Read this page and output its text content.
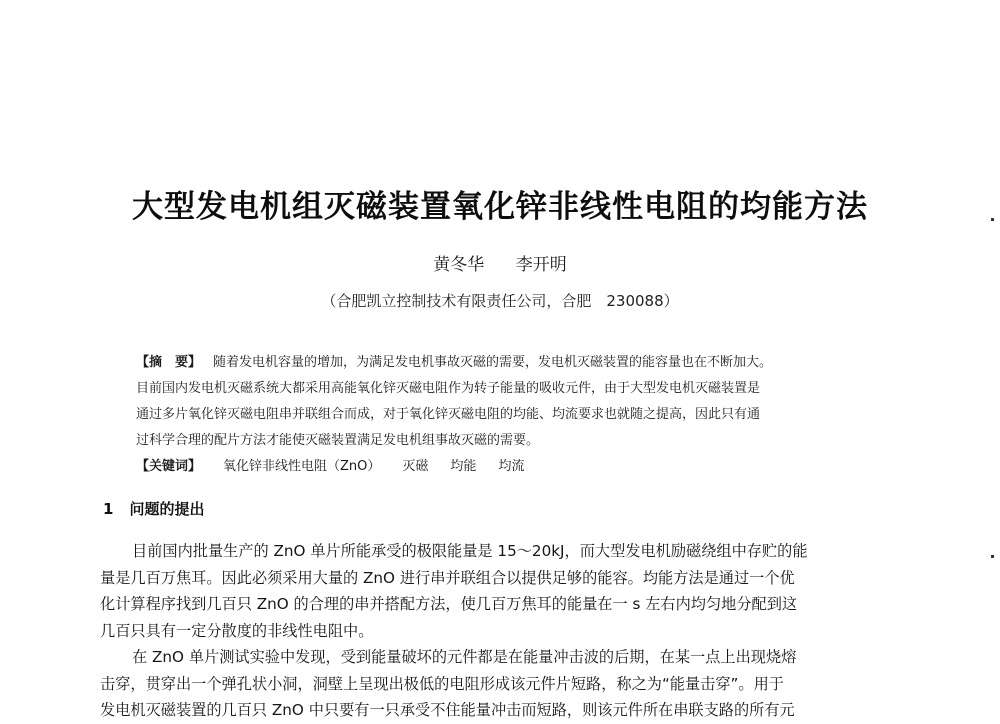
大型发电机组灭磁装置氧化锌非线性电阻的均能方法
黄冬华 李开明
（合肥凯立控制技术有限责任公司，合肥　230088）
【摘　要】 随着发电机容量的增加，为满足发电机事故灭磁的需要，发电机灭磁装置的能容量也在不断加大。
目前国内发电机灭磁系统大都采用高能氧化锌灭磁电阻作为转子能量的吸收元件，由于大型发电机灭磁装置是
通过多片氧化锌灭磁电阻串并联组合而成，对于氧化锌灭磁电阻的均能、均流要求也就随之提高，因此只有通
过科学合理的配片方法才能使灭磁装置满足发电机组事故灭磁的需要。
【关键词】 氧化锌非线性电阻（ZnO） 灭磁 均能 均流
1 问题的提出
目前国内批量生产的 ZnO 单片所能承受的极限能量是 15～20kJ，而大型发电机励磁绕组中存贮的能
量是几百万焦耳。因此必须采用大量的 ZnO 进行串并联组合以提供足够的能容。均能方法是通过一个优
化计算程序找到几百只 ZnO 的合理的串并搭配方法，使几百万焦耳的能量在一 s 左右内均匀地分配到这
几百只具有一定分散度的非线性电阻中。
在 ZnO 单片测试实验中发现，受到能量破坏的元件都是在能量冲击波的后期，在某一点上出现烧熔
击穿，贯穿出一个弹孔状小洞，洞壁上呈现出极低的电阻形成该元件片短路，称之为“能量击穿”。用于
发电机灭磁装置的几百只 ZnO 中只要有一只承受不住能量冲击而短路，则该元件所在串联支路的所有元
